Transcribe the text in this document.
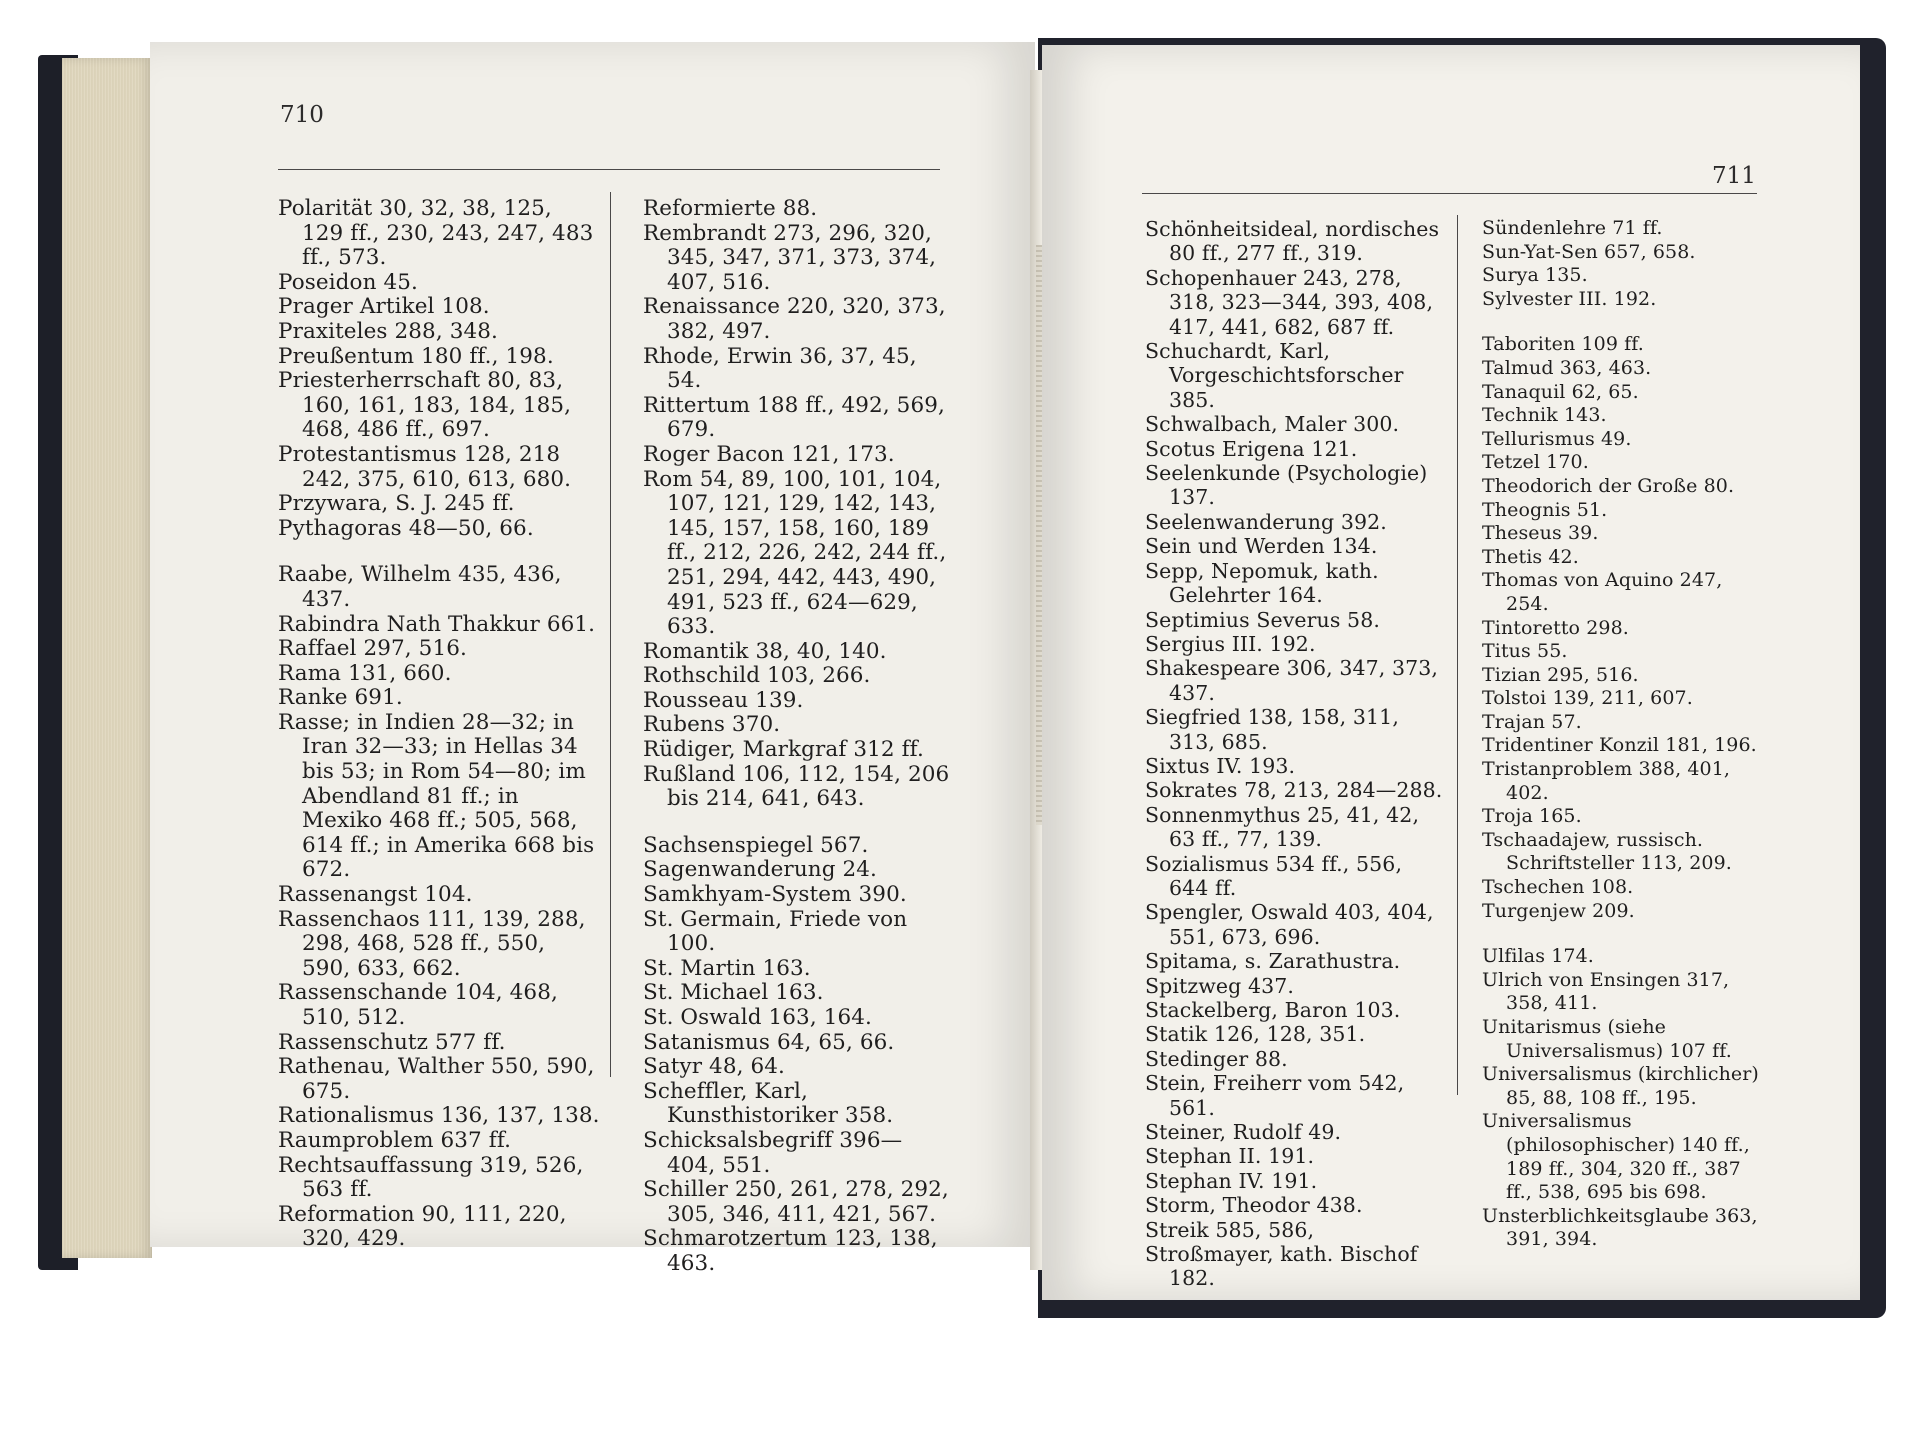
710

Polarität 30, 32, 38, 125, 129 ff., 230, 243, 247, 483 ff., 573.

Poseidon 45.

Prager Artikel 108.

Praxiteles 288, 348.

Preußentum 180 ff., 198.

Priesterherrschaft 80, 83, 160, 161, 183, 184, 185, 468, 486 ff., 697.

Protestantismus 128, 218 242, 375, 610, 613, 680.

Przywara, S. J. 245 ff.

Pythagoras 48—50, 66.

Raabe, Wilhelm 435, 436, 437.

Rabindra Nath Thakkur 661.

Raffael 297, 516.

Rama 131, 660.

Ranke 691.

Rasse; in Indien 28—32; in Iran 32—33; in Hellas 34 bis 53; in Rom 54—80; im Abendland 81 ff.; in Mexiko 468 ff.; 505, 568, 614 ff.; in Amerika 668 bis 672.

Rassenangst 104.

Rassenchaos 111, 139, 288, 298, 468, 528 ff., 550, 590, 633, 662.

Rassenschande 104, 468, 510, 512.

Rassenschutz 577 ff.

Rathenau, Walther 550, 590, 675.

Rationalismus 136, 137, 138.

Raumproblem 637 ff.

Rechtsauffassung 319, 526, 563 ff.

Reformation 90, 111, 220, 320, 429.

Reformierte 88.

Rembrandt 273, 296, 320, 345, 347, 371, 373, 374, 407, 516.

Renaissance 220, 320, 373, 382, 497.

Rhode, Erwin 36, 37, 45, 54.

Rittertum 188 ff., 492, 569, 679.

Roger Bacon 121, 173.

Rom 54, 89, 100, 101, 104, 107, 121, 129, 142, 143, 145, 157, 158, 160, 189 ff., 212, 226, 242, 244 ff., 251, 294, 442, 443, 490, 491, 523 ff., 624—629, 633.

Romantik 38, 40, 140.

Rothschild 103, 266.

Rousseau 139.

Rubens 370.

Rüdiger, Markgraf 312 ff.

Rußland 106, 112, 154, 206 bis 214, 641, 643.

Sachsenspiegel 567.

Sagenwanderung 24.

Samkhyam-System 390.

St. Germain, Friede von 100.

St. Martin 163.

St. Michael 163.

St. Oswald 163, 164.

Satanismus 64, 65, 66.

Satyr 48, 64.

Scheffler, Karl, Kunsthistoriker 358.

Schicksalsbegriff 396—404, 551.

Schiller 250, 261, 278, 292, 305, 346, 411, 421, 567.

Schmarotzertum 123, 138, 463.

711

Schönheitsideal, nordisches 80 ff., 277 ff., 319.

Schopenhauer 243, 278, 318, 323—344, 393, 408, 417, 441, 682, 687 ff.

Schuchardt, Karl, Vorgeschichtsforscher 385.

Schwalbach, Maler 300.

Scotus Erigena 121.

Seelenkunde (Psychologie) 137.

Seelenwanderung 392.

Sein und Werden 134.

Sepp, Nepomuk, kath. Gelehrter 164.

Septimius Severus 58.

Sergius III. 192.

Shakespeare 306, 347, 373, 437.

Siegfried 138, 158, 311, 313, 685.

Sixtus IV. 193.

Sokrates 78, 213, 284—288.

Sonnenmythus 25, 41, 42, 63 ff., 77, 139.

Sozialismus 534 ff., 556, 644 ff.

Spengler, Oswald 403, 404, 551, 673, 696.

Spitama, s. Zarathustra.

Spitzweg 437.

Stackelberg, Baron 103.

Statik 126, 128, 351.

Stedinger 88.

Stein, Freiherr vom 542, 561.

Steiner, Rudolf 49.

Stephan II. 191.

Stephan IV. 191.

Storm, Theodor 438.

Streik 585, 586,

Stroßmayer, kath. Bischof 182.

Sündenlehre 71 ff.

Sun-Yat-Sen 657, 658.

Surya 135.

Sylvester III. 192.

Taboriten 109 ff.

Talmud 363, 463.

Tanaquil 62, 65.

Technik 143.

Tellurismus 49.

Tetzel 170.

Theodorich der Große 80.

Theognis 51.

Theseus 39.

Thetis 42.

Thomas von Aquino 247, 254.

Tintoretto 298.

Titus 55.

Tizian 295, 516.

Tolstoi 139, 211, 607.

Trajan 57.

Tridentiner Konzil 181, 196.

Tristanproblem 388, 401, 402.

Troja 165.

Tschaadajew, russisch. Schriftsteller 113, 209.

Tschechen 108.

Turgenjew 209.

Ulfilas 174.

Ulrich von Ensingen 317, 358, 411.

Unitarismus (siehe Universalismus) 107 ff.

Universalismus (kirchlicher) 85, 88, 108 ff., 195.

Universalismus (philosophischer) 140 ff., 189 ff., 304, 320 ff., 387 ff., 538, 695 bis 698.

Unsterblichkeitsglaube 363, 391, 394.
